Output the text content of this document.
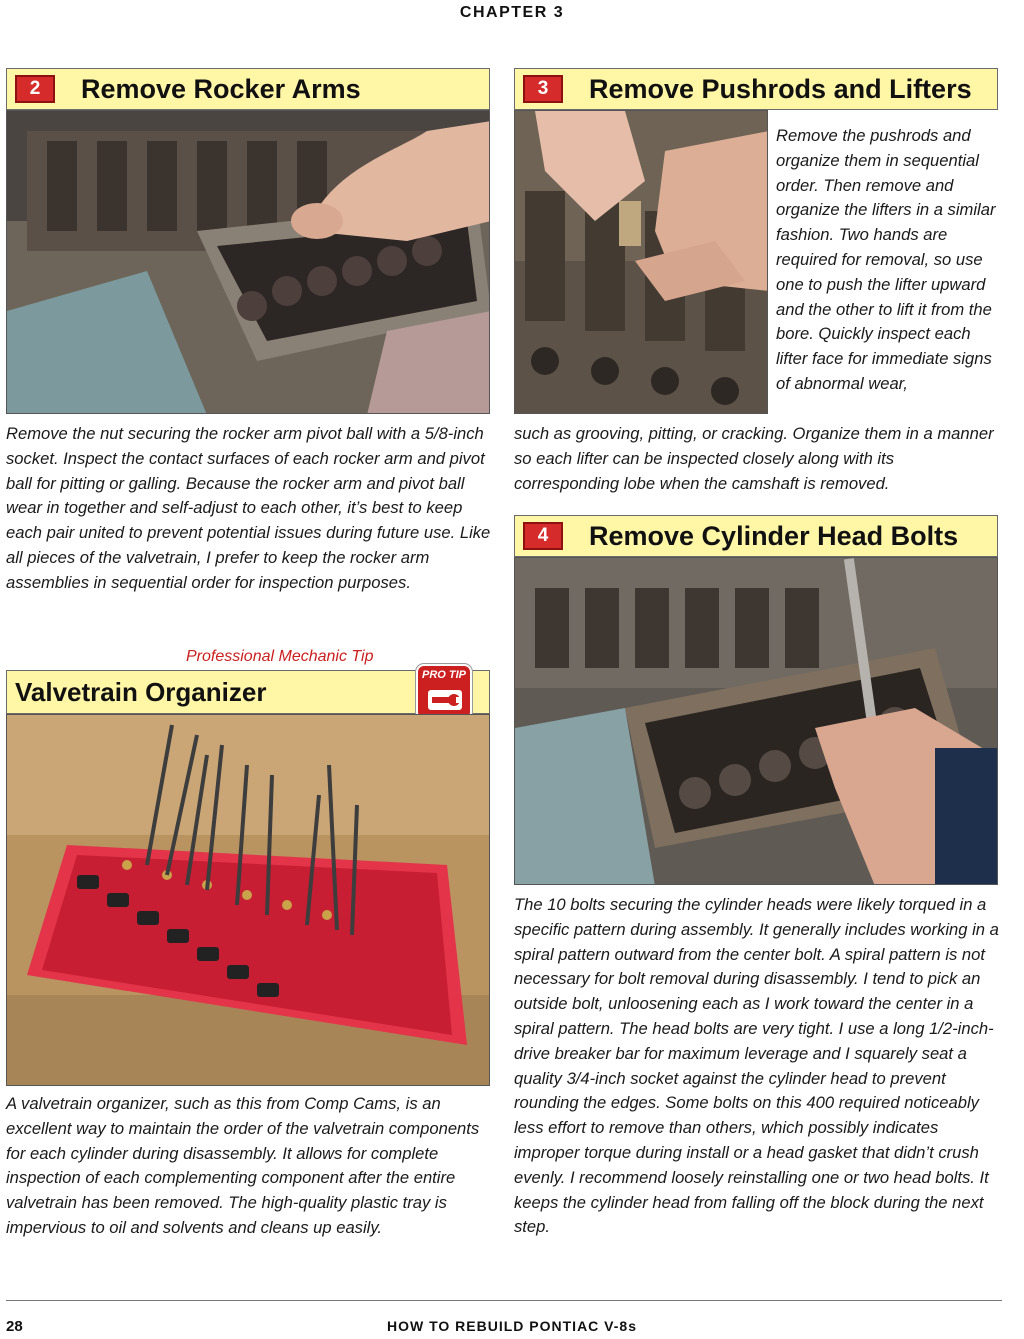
CHAPTER 3
2	Remove Rocker Arms
Remove the nut securing the rocker arm pivot ball with a 5/8-inch socket. Inspect the contact surfaces of each rocker arm and pivot ball for pitting or galling. Because the rocker arm and pivot ball wear in together and self-adjust to each other, it’s best to keep each pair united to prevent potential issues during future use. Like all pieces of the valvetrain, I prefer to keep the rocker arm assemblies in sequential order for inspection purposes.
Professional Mechanic Tip
Valvetrain Organizer
PRO TIP
A valvetrain organizer, such as this from Comp Cams, is an excellent way to maintain the order of the valvetrain components for each cylinder during disassembly. It allows for complete inspection of each complementing component after the entire valvetrain has been removed. The high-quality plastic tray is impervious to oil and solvents and cleans up easily.
3	Remove Pushrods and Lifters
Remove the pushrods and organize them in sequential order. Then remove and organize the lifters in a similar fashion. Two hands are required for removal, so use one to push the lifter upward and the other to lift it from the bore. Quickly inspect each lifter face for immediate signs of abnormal wear,
such as grooving, pitting, or cracking. Organize them in a manner so each lifter can be inspected closely along with its corresponding lobe when the camshaft is removed.
4	Remove Cylinder Head Bolts
The 10 bolts securing the cylinder heads were likely torqued in a specific pattern during assembly. It generally includes working in a spiral pattern outward from the center bolt. A spiral pattern is not necessary for bolt removal during disassembly. I tend to pick an outside bolt, unloosening each as I work toward the center in a spiral pattern. The head bolts are very tight. I use a long 1/2-inch-drive breaker bar for maximum leverage and I squarely seat a quality 3/4-inch socket against the cylinder head to prevent rounding the edges. Some bolts on this 400 required noticeably less effort to remove than others, which possibly indicates improper torque during install or a head gasket that didn’t crush evenly. I recommend loosely reinstalling one or two head bolts. It keeps the cylinder head from falling off the block during the next step.
28	HOW TO REBUILD PONTIAC V-8s
